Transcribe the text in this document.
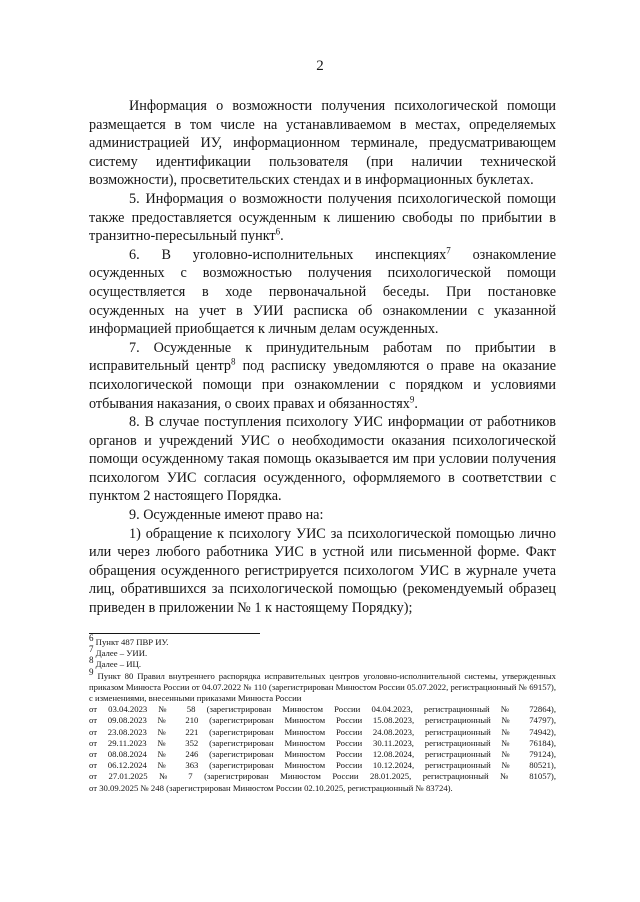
2

Информация о возможности получения психологической помощи размещается в том числе на устанавливаемом в местах, определяемых администрацией ИУ, информационном терминале, предусматривающем систему идентификации пользователя (при наличии технической возможности), просветительских стендах и в информационных буклетах.

5. Информация о возможности получения психологической помощи также предоставляется осужденным к лишению свободы по прибытии в транзитно-пересыльный пункт$^6$.

6. В уголовно-исполнительных инспекциях$^7$ ознакомление осужденных с возможностью получения психологической помощи осуществляется в ходе первоначальной беседы. При постановке осужденных на учет в УИИ расписка об ознакомлении с указанной информацией приобщается к личным делам осужденных.

7. Осужденные к принудительным работам по прибытии в исправительный центр$^8$ под расписку уведомляются о праве на оказание психологической помощи при ознакомлении с порядком и условиями отбывания наказания, о своих правах и обязанностях$^9$.

8. В случае поступления психологу УИС информации от работников органов и учреждений УИС о необходимости оказания психологической помощи осужденному такая помощь оказывается им при условии получения психологом УИС согласия осужденного, оформляемого в соответствии с пунктом 2 настоящего Порядка.

9. Осужденные имеют право на:

1) обращение к психологу УИС за психологической помощью лично или через любого работника УИС в устной или письменной форме. Факт обращения осужденного регистрируется психологом УИС в журнале учета лиц, обратившихся за психологической помощью (рекомендуемый образец приведен в приложении № 1 к настоящему Порядку);

$^6$ Пункт 487 ПВР ИУ.

$^7$ Далее – УИИ.

$^8$ Далее – ИЦ.

$^9$ Пункт 80 Правил внутреннего распорядка исправительных центров уголовно-исполнительной системы, утвержденных приказом Минюста России от 04.07.2022 № 110 (зарегистрирован Минюстом России 05.07.2022, регистрационный № 69157), с изменениями, внесенными приказами Минюста России

от 03.04.2023 № 58 (зарегистрирован Минюстом России 04.04.2023, регистрационный № 72864),

от 09.08.2023 № 210 (зарегистрирован Минюстом России 15.08.2023, регистрационный № 74797),

от 23.08.2023 № 221 (зарегистрирован Минюстом России 24.08.2023, регистрационный № 74942),

от 29.11.2023 № 352 (зарегистрирован Минюстом России 30.11.2023, регистрационный № 76184),

от 08.08.2024 № 246 (зарегистрирован Минюстом России 12.08.2024, регистрационный № 79124),

от 06.12.2024 № 363 (зарегистрирован Минюстом России 10.12.2024, регистрационный № 80521),

от 27.01.2025 № 7 (зарегистрирован Минюстом России 28.01.2025, регистрационный № 81057),

от 30.09.2025 № 248 (зарегистрирован Минюстом России 02.10.2025, регистрационный № 83724).
